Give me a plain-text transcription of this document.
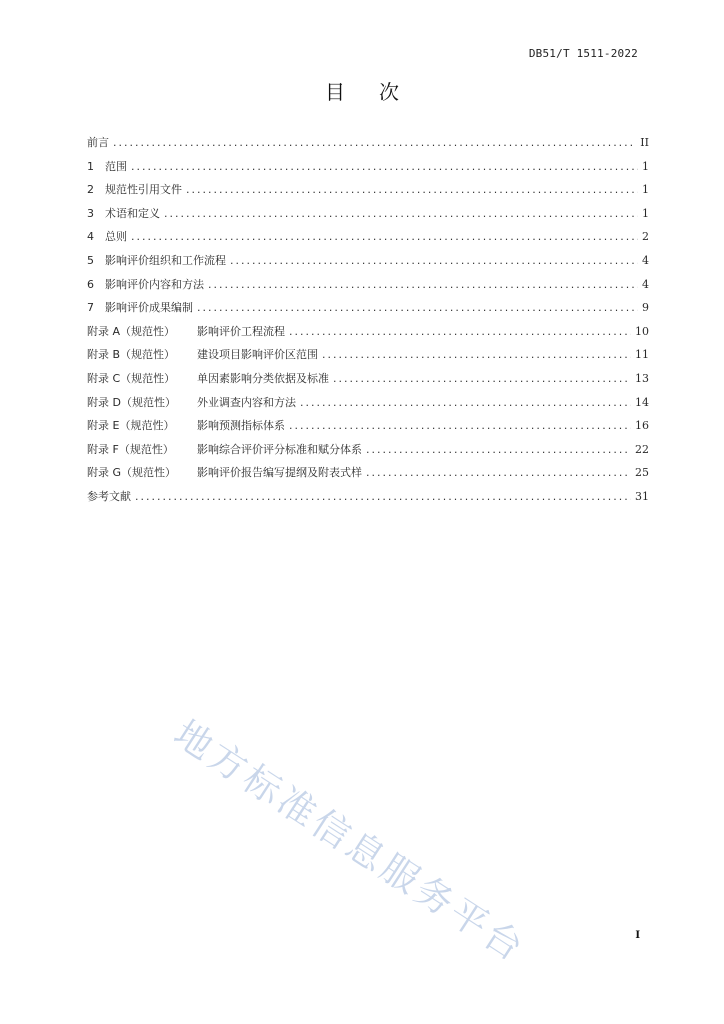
DB51/T 1511-2022
目次
前言 .....	II
1	范围 .....	1
2	规范性引用文件 .....	1
3	术语和定义 .....	1
4	总则 .....	2
5	影响评价组织和工作流程 .....	4
6	影响评价内容和方法 .....	4
7	影响评价成果编制 .....	9
附录 A（规范性）	影响评价工程流程 .....	10
附录 B（规范性）	建设项目影响评价区范围 .....	11
附录 C（规范性）	单因素影响分类依据及标准 .....	13
附录 D（规范性）	外业调查内容和方法 .....	14
附录 E（规范性）	影响预测指标体系 .....	16
附录 F（规范性）	影响综合评价评分标准和赋分体系 .....	22
附录 G（规范性）	影响评价报告编写提纲及附表式样 .....	25
参考文献 .....	31
地方标准信息服务平台	I
